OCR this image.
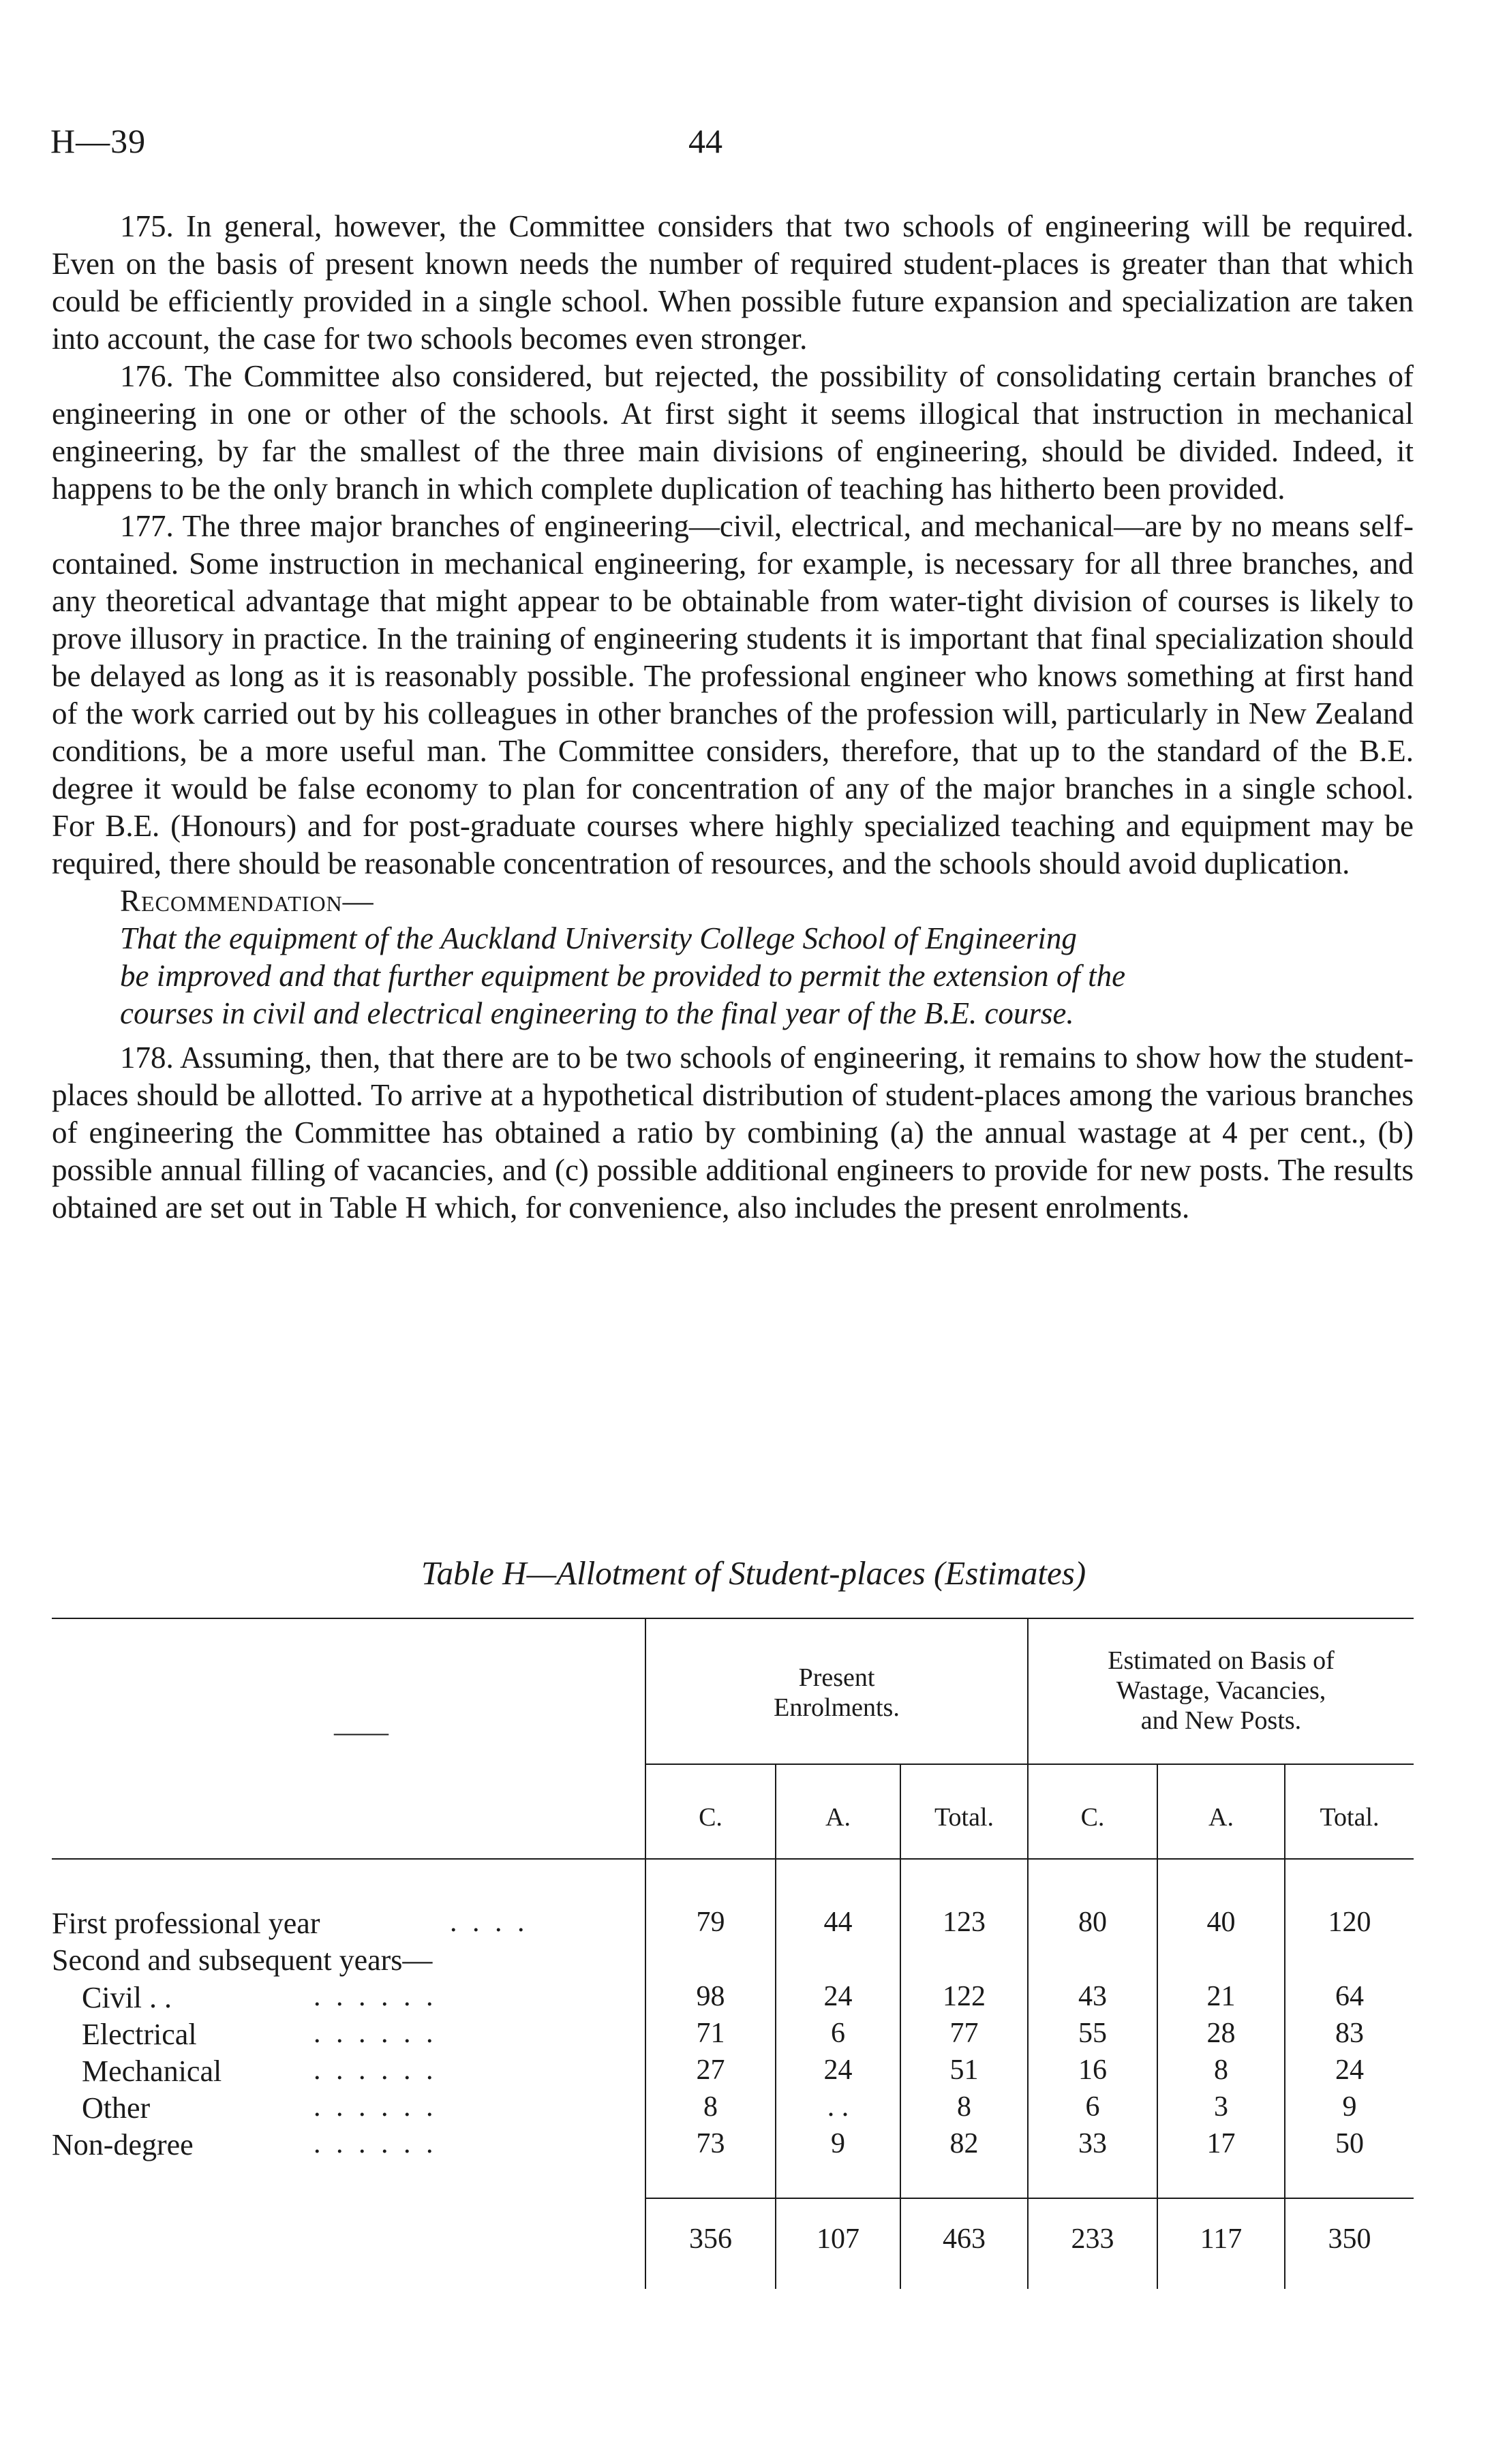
H—39	44

175. In general, however, the Committee considers that two schools of engineering will be required. Even on the basis of present known needs the number of required student-places is greater than that which could be efficiently provided in a single school. When possible future expansion and specialization are taken into account, the case for two schools becomes even stronger.

176. The Committee also considered, but rejected, the possibility of consolidating certain branches of engineering in one or other of the schools. At first sight it seems illogical that instruction in mechanical engineering, by far the smallest of the three main divisions of engineering, should be divided. Indeed, it happens to be the only branch in which complete duplication of teaching has hitherto been provided.

177. The three major branches of engineering—civil, electrical, and mechanical—are by no means self-contained. Some instruction in mechanical engineering, for example, is necessary for all three branches, and any theoretical advantage that might appear to be obtainable from water-tight division of courses is likely to prove illusory in practice. In the training of engineering students it is important that final specialization should be delayed as long as it is reasonably possible. The professional engineer who knows something at first hand of the work carried out by his colleagues in other branches of the profession will, particularly in New Zealand conditions, be a more useful man. The Committee considers, therefore, that up to the standard of the B.E. degree it would be false economy to plan for concentration of any of the major branches in a single school. For B.E. (Honours) and for post-graduate courses where highly specialized teaching and equipment may be required, there should be reasonable concentration of resources, and the schools should avoid duplication.

Recommendation—

That the equipment of the Auckland University College School of Engineering
be improved and that further equipment be provided to permit the extension of the
courses in civil and electrical engineering to the final year of the B.E. course.

178. Assuming, then, that there are to be two schools of engineering, it remains to show how the student-places should be allotted. To arrive at a hypothetical distribution of student-places among the various branches of engineering the Committee has obtained a ratio by combining (a) the annual wastage at 4 per cent., (b) possible annual filling of vacancies, and (c) possible additional engineers to provide for new posts. The results obtained are set out in Table H which, for convenience, also includes the present enrolments.

Table H—Allotment of Student-places (Estimates)
——
Present
Enrolments.
Estimated on Basis of
Wastage, Vacancies,
and New Posts.
C.	A.	Total.	C.	A.	Total.
First professional year	. . . .	79	44	123	80	40	120
Second and subsequent years—
Civil . .	. . . . . .	98	24	122	43	21	64
Electrical	. . . . . .	71	6	77	55	28	83
Mechanical	. . . . . .	27	24	51	16	8	24
Other	. . . . . .	8	. .	8	6	3	9
Non-degree	. . . . . .	73	9	82	33	17	50
356	107	463	233	117	350
